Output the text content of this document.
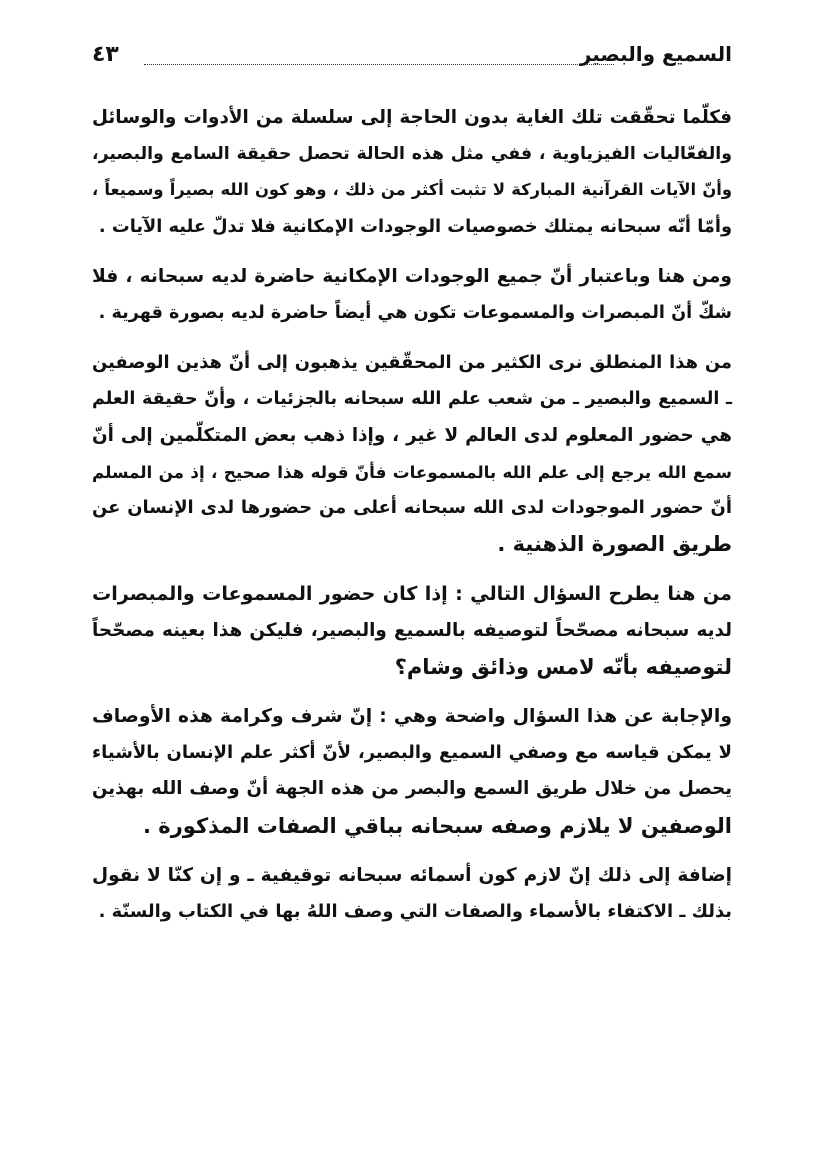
٤٣	السميع والبصير

فكلّما تحقّقت تلك الغاية بدون الحاجة إلى سلسلة من الأدوات والوسائل
والفعّاليات الفيزياوية ، ففي مثل هذه الحالة تحصل حقيقة السامع والبصير،
وأنّ الآيات القرآنية المباركة لا تثبت أكثر من ذلك ، وهو كون الله بصيراً وسميعاً ،
وأمّا أنّه سبحانه يمتلك خصوصيات الوجودات الإمكانية فلا تدلّ عليه الآيات .

ومن هنا وباعتبار أنّ جميع الوجودات الإمكانية حاضرة لديه سبحانه ، فلا
شكّ أنّ المبصرات والمسموعات تكون هي أيضاً حاضرة لديه بصورة قهرية .

من هذا المنطلق نرى الكثير من المحقّقين يذهبون إلى أنّ هذين الوصفين
ـ السميع والبصير ـ من شعب علم الله سبحانه بالجزئيات ، وأنّ حقيقة العلم
هي حضور المعلوم لدى العالم لا غير ، وإذا ذهب بعض المتكلّمين إلى أنّ
سمع الله يرجع إلى علم الله بالمسموعات فأنّ قوله هذا صحيح ، إذ من المسلم
أنّ حضور الموجودات لدى الله سبحانه أعلى من حضورها لدى الإنسان عن
طريق الصورة الذهنية .

من هنا يطرح السؤال التالي : إذا كان حضور المسموعات والمبصرات
لديه سبحانه مصحّحاً لتوصيفه بالسميع والبصير، فليكن هذا بعينه مصحّحاً
لتوصيفه بأنّه لامس وذائق وشام؟

والإجابة عن هذا السؤال واضحة وهي : إنّ شرف وكرامة هذه الأوصاف
لا يمكن قياسه مع وصفي السميع والبصير، لأنّ أكثر علم الإنسان بالأشياء
يحصل من خلال طريق السمع والبصر من هذه الجهة أنّ وصف الله بهذين
الوصفين لا يلازم وصفه سبحانه بباقي الصفات المذكورة .

إضافة إلى ذلك إنّ لازم كون أسمائه سبحانه توقيفية ـ و إن كنّا لا نقول
بذلك ـ الاكتفاء بالأسماء والصفات التي وصف اللهُ بها في الكتاب والسنّة .
